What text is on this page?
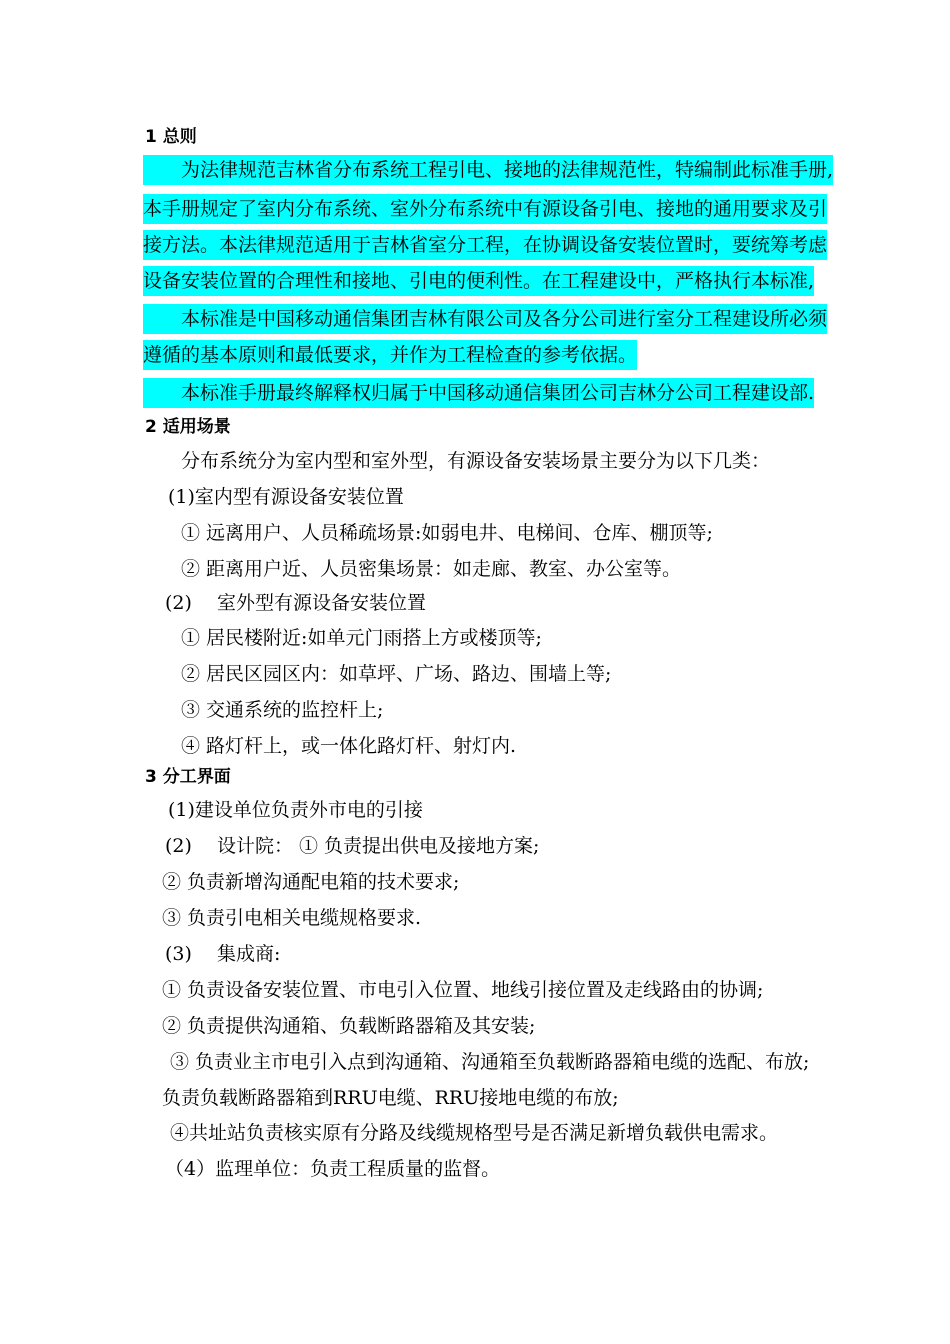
1 总则
为法律规范吉林省分布系统工程引电、接地的法律规范性，特编制此标准手册,
本手册规定了室内分布系统、室外分布系统中有源设备引电、接地的通用要求及引
接方法。本法律规范适用于吉林省室分工程，在协调设备安装位置时，要统筹考虑
设备安装位置的合理性和接地、引电的便利性。在工程建设中，严格执行本标准,
本标准是中国移动通信集团吉林有限公司及各分公司进行室分工程建设所必须
遵循的基本原则和最低要求，并作为工程检查的参考依据。
本标准手册最终解释权归属于中国移动通信集团公司吉林分公司工程建设部.
2 适用场景
分布系统分为室内型和室外型，有源设备安装场景主要分为以下几类：
(1)室内型有源设备安装位置
① 远离用户、人员稀疏场景:如弱电井、电梯间、仓库、棚顶等;
② 距离用户近、人员密集场景：如走廊、教室、办公室等。
(2)　 室外型有源设备安装位置
① 居民楼附近:如单元门雨搭上方或楼顶等;
② 居民区园区内：如草坪、广场、路边、围墙上等;
③ 交通系统的监控杆上;
④ 路灯杆上，或一体化路灯杆、射灯内.
3 分工界面
(1)建设单位负责外市电的引接
(2)　 设计院： ① 负责提出供电及接地方案;
② 负责新增沟通配电箱的技术要求;
③ 负责引电相关电缆规格要求.
(3)　 集成商:
① 负责设备安装位置、市电引入位置、地线引接位置及走线路由的协调;
② 负责提供沟通箱、负载断路器箱及其安装;
③ 负责业主市电引入点到沟通箱、沟通箱至负载断路器箱电缆的选配、布放;
负责负载断路器箱到RRU电缆、RRU接地电缆的布放;
④共址站负责核实原有分路及线缆规格型号是否满足新增负载供电需求。
（4）监理单位：负责工程质量的监督。
